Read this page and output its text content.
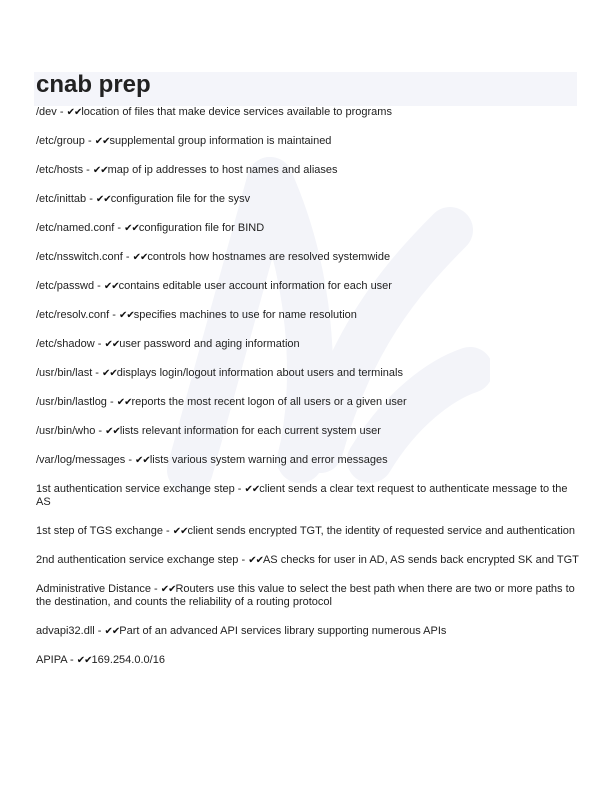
cnab prep

/dev - ✔✔location of files that make device services available to programs

/etc/group - ✔✔supplemental group information is maintained

/etc/hosts - ✔✔map of ip addresses to host names and aliases

/etc/inittab - ✔✔configuration file for the sysv

/etc/named.conf - ✔✔configuration file for BIND

/etc/nsswitch.conf - ✔✔controls how hostnames are resolved systemwide

/etc/passwd - ✔✔contains editable user account information for each user

/etc/resolv.conf - ✔✔specifies machines to use for name resolution

/etc/shadow - ✔✔user password and aging information

/usr/bin/last - ✔✔displays login/logout information about users and terminals

/usr/bin/lastlog - ✔✔reports the most recent logon of all users or a given user

/usr/bin/who - ✔✔lists relevant information for each current system user

/var/log/messages - ✔✔lists various system warning and error messages

1st authentication service exchange step - ✔✔client sends a clear text request to authenticate message to the AS

1st step of TGS exchange - ✔✔client sends encrypted TGT, the identity of requested service and authentication

2nd authentication service exchange step - ✔✔AS checks for user in AD, AS sends back encrypted SK and TGT

Administrative Distance - ✔✔Routers use this value to select the best path when there are two or more paths to the destination, and counts the reliability of a routing protocol

advapi32.dll - ✔✔Part of an advanced API services library supporting numerous APIs

APIPA - ✔✔169.254.0.0/16
